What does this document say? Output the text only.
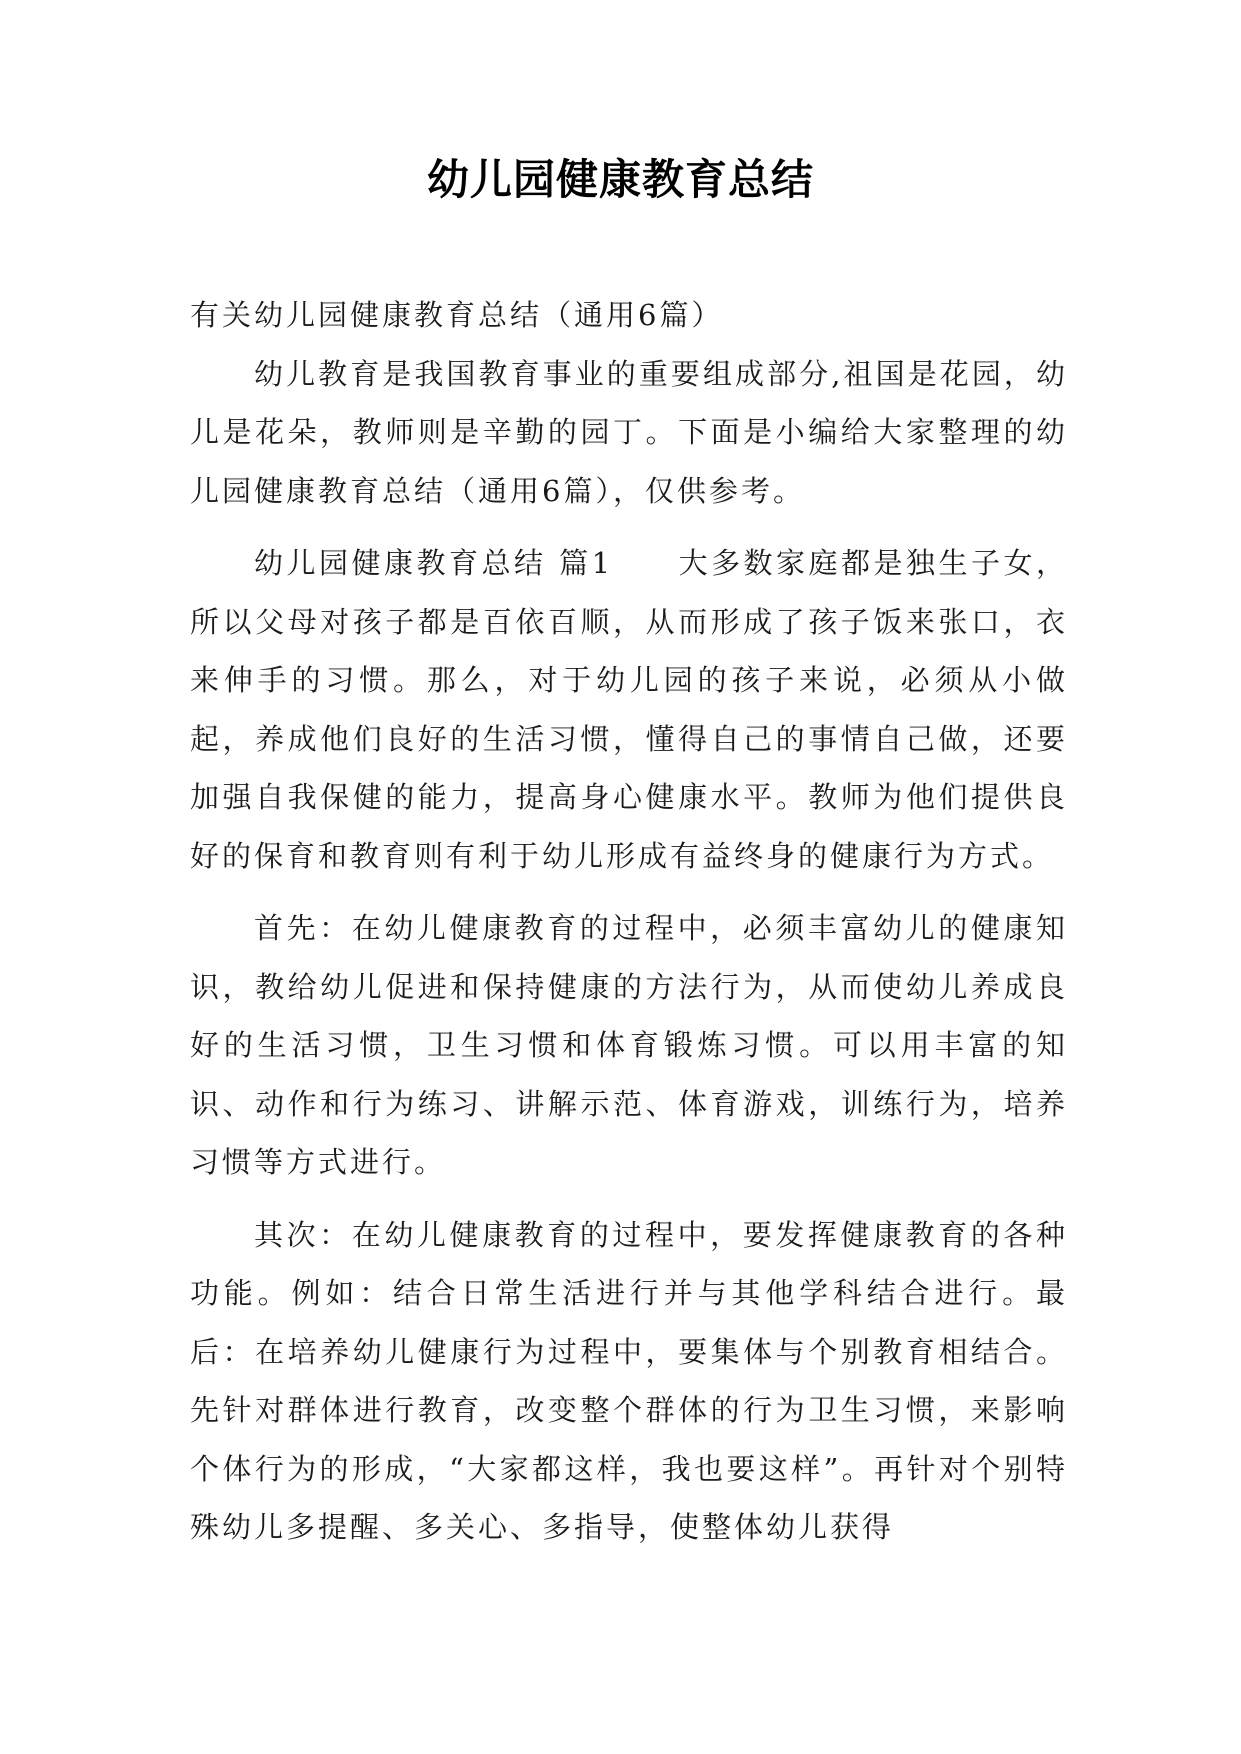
幼儿园健康教育总结

有关幼儿园健康教育总结（通用6篇）

幼儿教育是我国教育事业的重要组成部分,祖国是花园，幼儿是花朵，教师则是辛勤的园丁。下面是小编给大家整理的幼儿园健康教育总结（通用6篇），仅供参考。

幼儿园健康教育总结 篇1　　大多数家庭都是独生子女，所以父母对孩子都是百依百顺，从而形成了孩子饭来张口，衣来伸手的习惯。那么，对于幼儿园的孩子来说，必须从小做起，养成他们良好的生活习惯，懂得自己的事情自己做，还要加强自我保健的能力，提高身心健康水平。教师为他们提供良好的保育和教育则有利于幼儿形成有益终身的健康行为方式。

首先：在幼儿健康教育的过程中，必须丰富幼儿的健康知识，教给幼儿促进和保持健康的方法行为，从而使幼儿养成良好的生活习惯，卫生习惯和体育锻炼习惯。可以用丰富的知识、动作和行为练习、讲解示范、体育游戏，训练行为，培养习惯等方式进行。

其次：在幼儿健康教育的过程中，要发挥健康教育的各种功能。例如：结合日常生活进行并与其他学科结合进行。最后：在培养幼儿健康行为过程中，要集体与个别教育相结合。先针对群体进行教育，改变整个群体的行为卫生习惯，来影响个体行为的形成，“大家都这样，我也要这样”。再针对个别特殊幼儿多提醒、多关心、多指导，使整体幼儿获得
